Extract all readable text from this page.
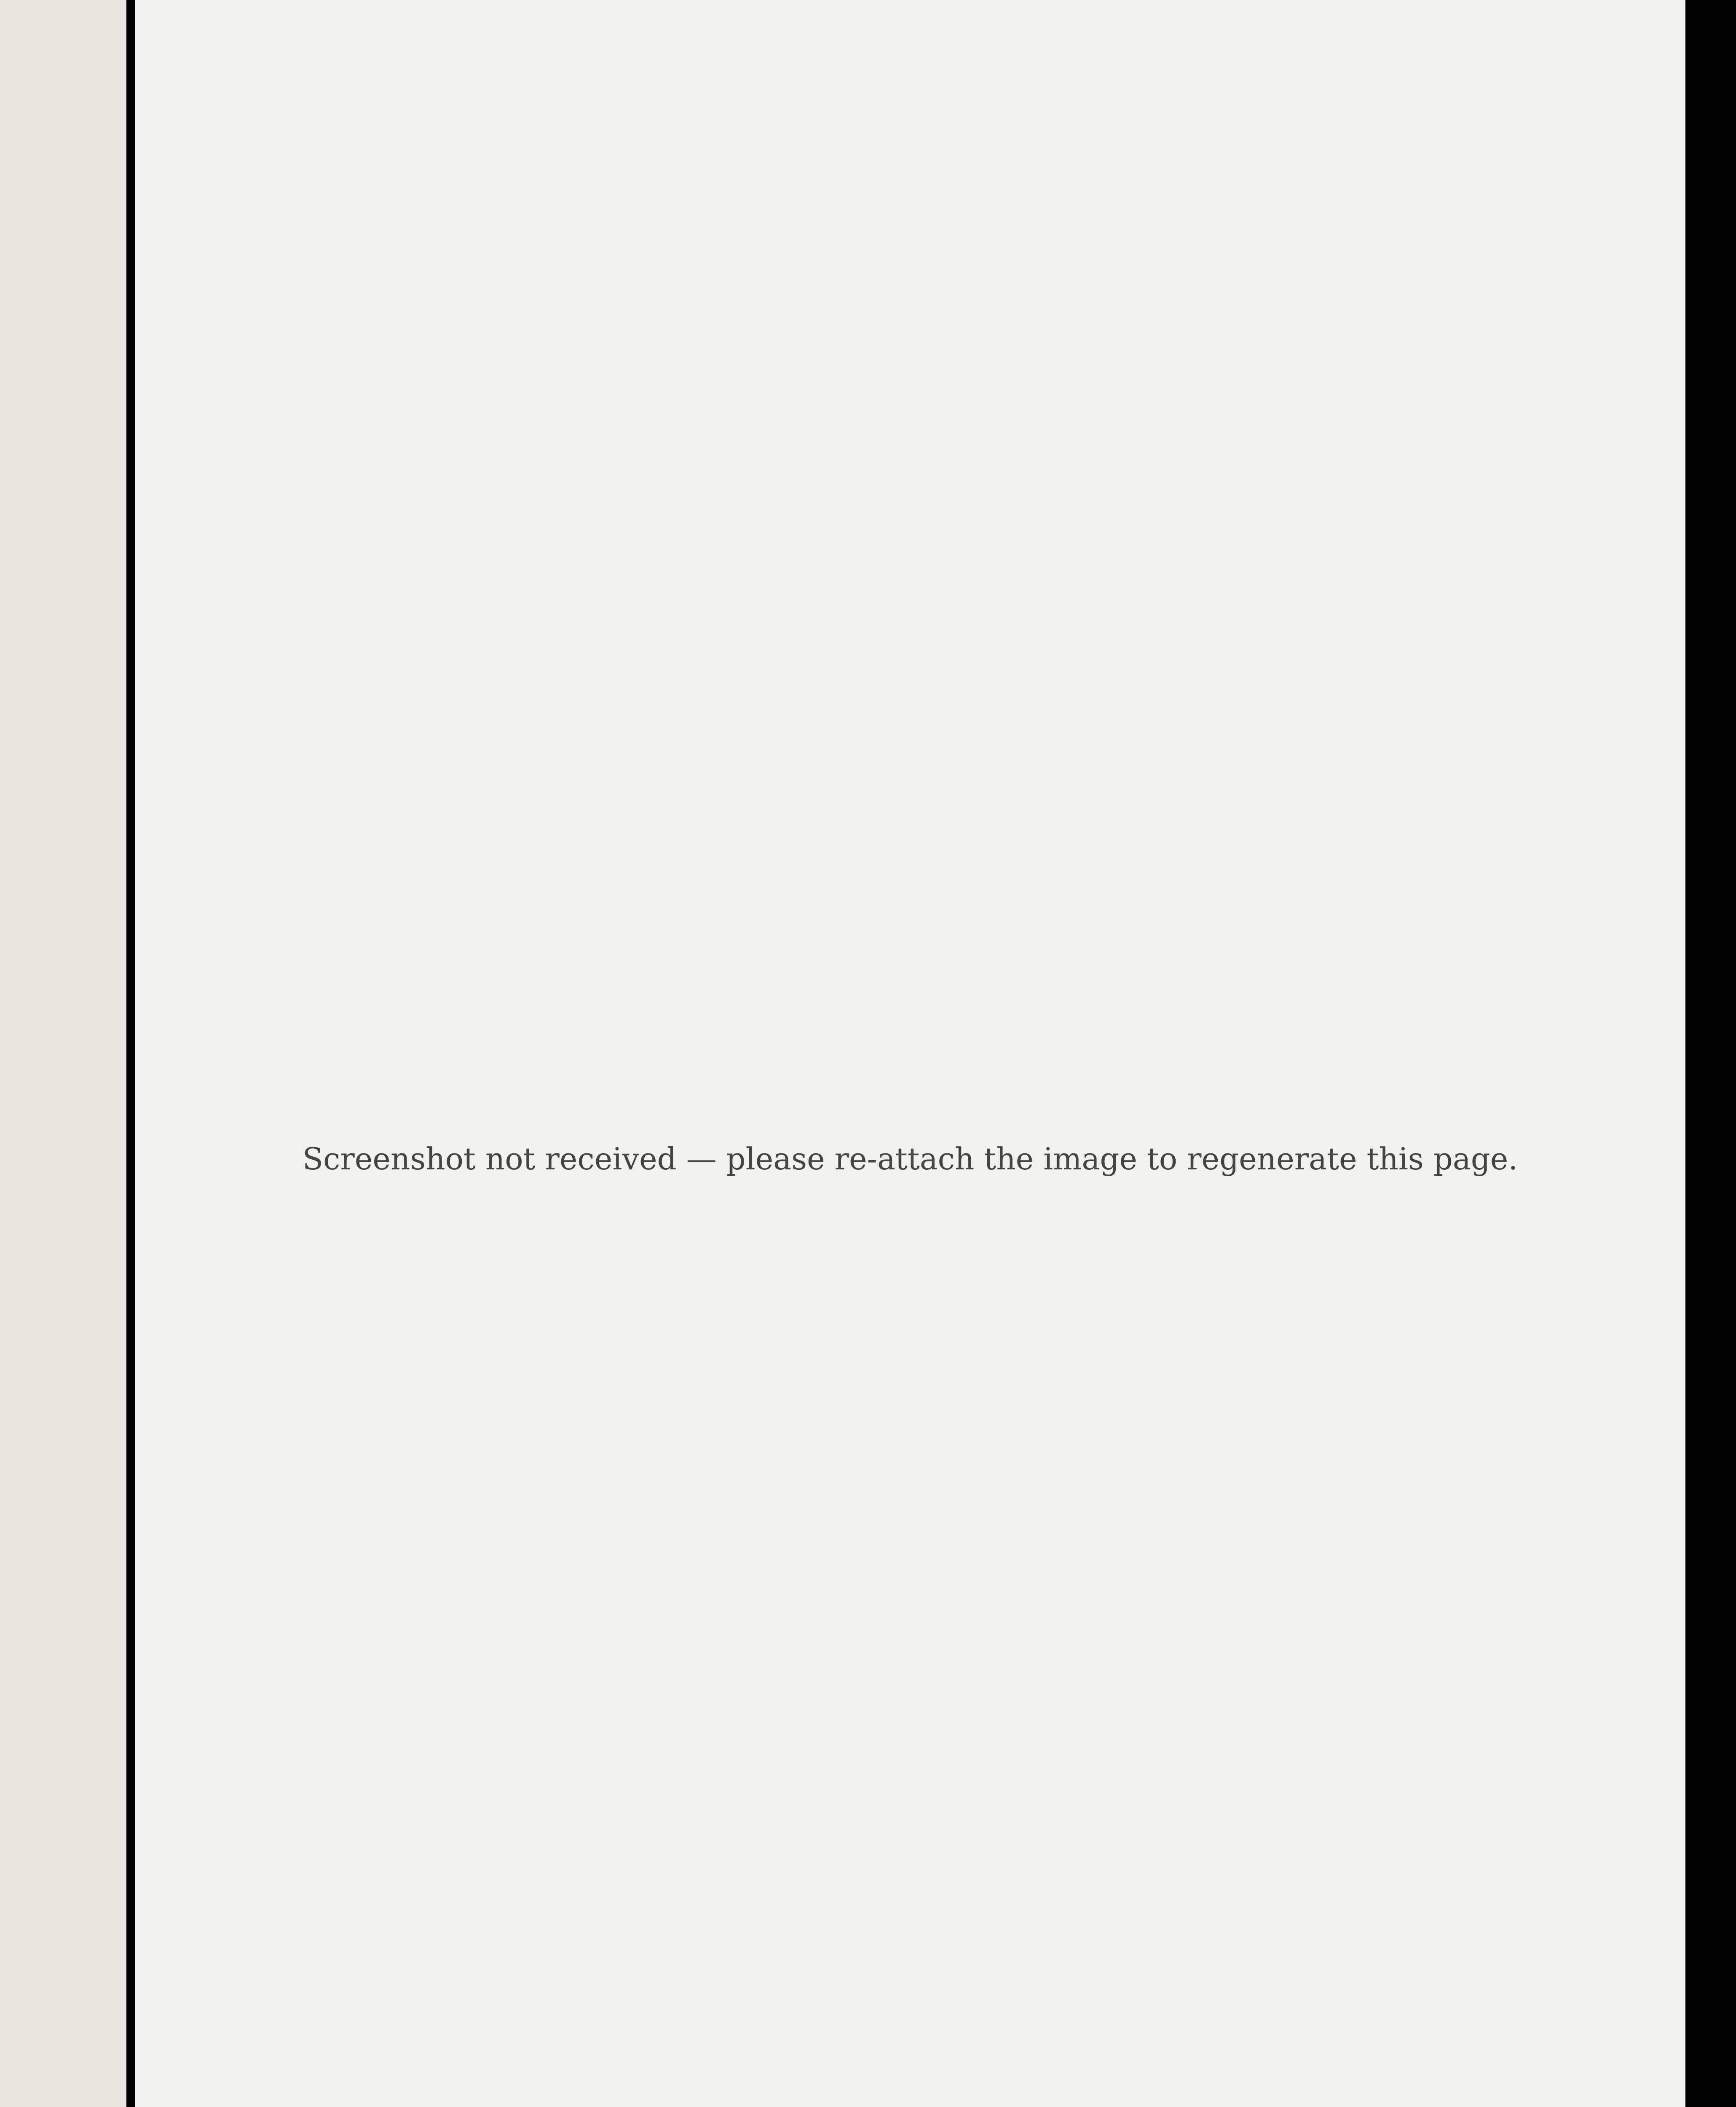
Screenshot not received — please re-attach the image to regenerate this page.
